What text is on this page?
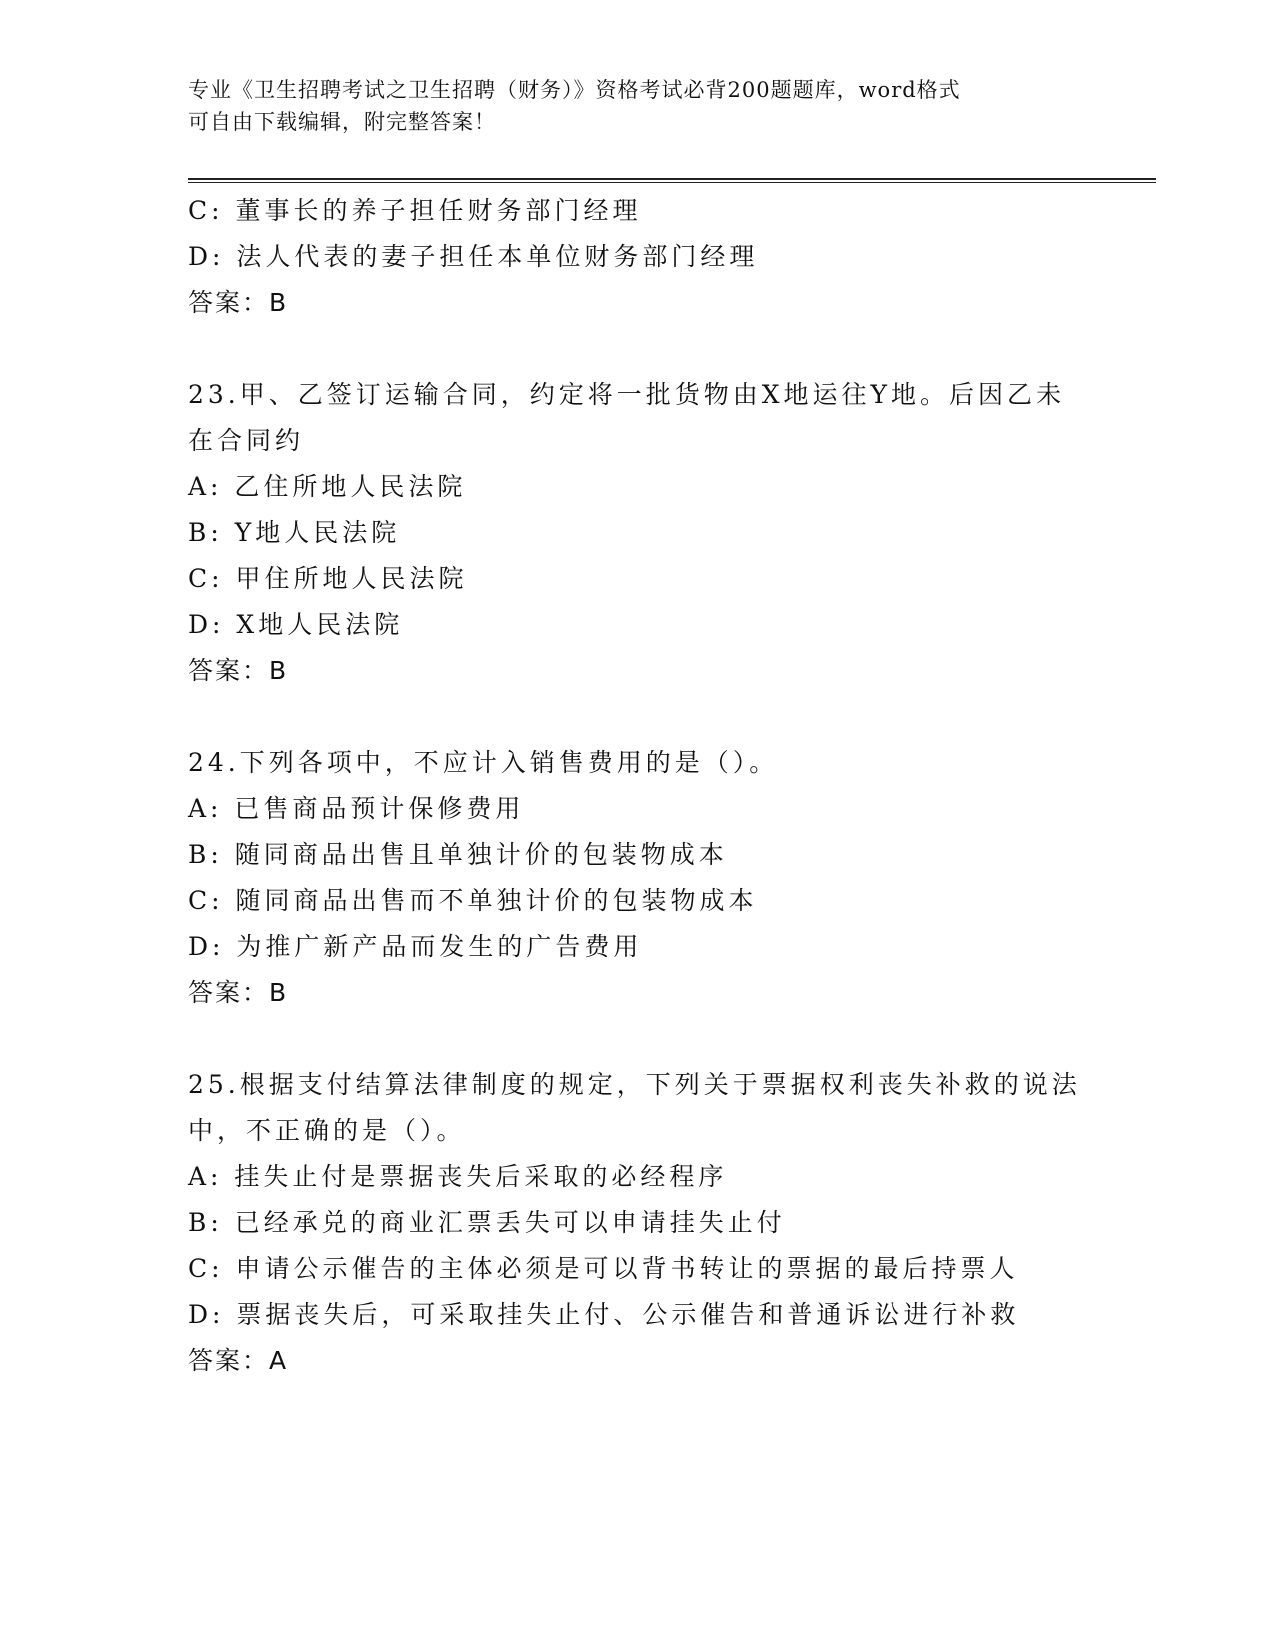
专业《卫生招聘考试之卫生招聘（财务）》资格考试必背200题题库，word格式
可自由下载编辑，附完整答案！
C: 董事长的养子担任财务部门经理
D: 法人代表的妻子担任本单位财务部门经理
答案：B
23.甲、乙签订运输合同，约定将一批货物由X地运往Y地。后因乙未
在合同约
A: 乙住所地人民法院
B: Y地人民法院
C: 甲住所地人民法院
D: X地人民法院
答案：B
24.下列各项中，不应计入销售费用的是（）。
A: 已售商品预计保修费用
B: 随同商品出售且单独计价的包装物成本
C: 随同商品出售而不单独计价的包装物成本
D: 为推广新产品而发生的广告费用
答案：B
25.根据支付结算法律制度的规定，下列关于票据权利丧失补救的说法
中，不正确的是（）。
A: 挂失止付是票据丧失后采取的必经程序
B: 已经承兑的商业汇票丢失可以申请挂失止付
C: 申请公示催告的主体必须是可以背书转让的票据的最后持票人
D: 票据丧失后，可采取挂失止付、公示催告和普通诉讼进行补救
答案：A
